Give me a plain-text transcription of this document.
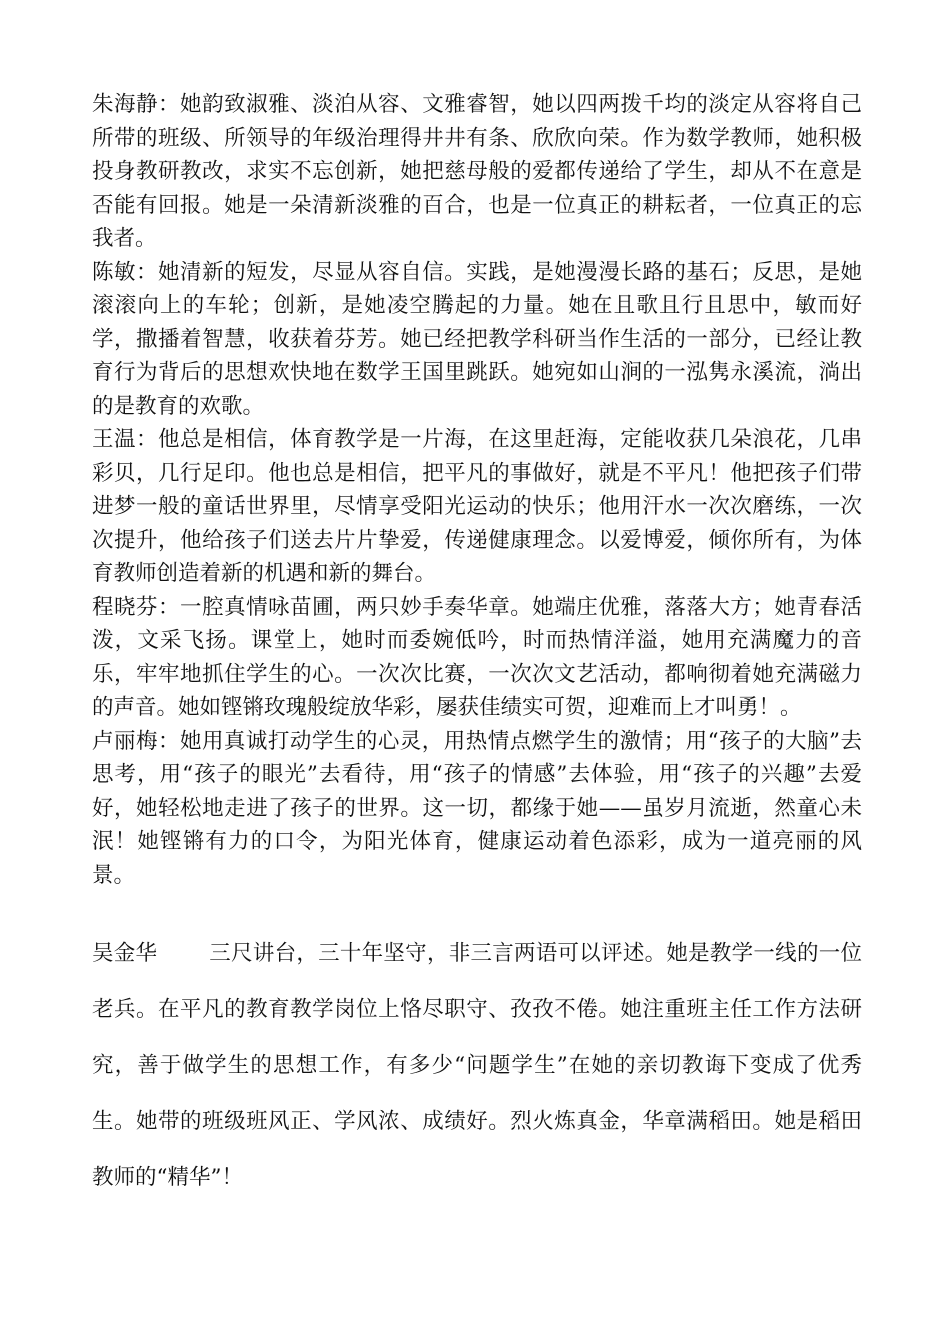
朱海静：她韵致淑雅、淡泊从容、文雅睿智，她以四两拨千均的淡定从容将自己所带的班级、所领导的年级治理得井井有条、欣欣向荣。作为数学教师，她积极投身教研教改，求实不忘创新，她把慈母般的爱都传递给了学生，却从不在意是否能有回报。她是一朵清新淡雅的百合，也是一位真正的耕耘者，一位真正的忘我者。

陈敏：她清新的短发，尽显从容自信。实践，是她漫漫长路的基石；反思，是她滚滚向上的车轮；创新，是她凌空腾起的力量。她在且歌且行且思中，敏而好学，撒播着智慧，收获着芬芳。她已经把教学科研当作生活的一部分，已经让教育行为背后的思想欢快地在数学王国里跳跃。她宛如山涧的一泓隽永溪流，淌出的是教育的欢歌。

王温：他总是相信，体育教学是一片海，在这里赶海，定能收获几朵浪花，几串彩贝，几行足印。他也总是相信，把平凡的事做好，就是不平凡！他把孩子们带进梦一般的童话世界里，尽情享受阳光运动的快乐；他用汗水一次次磨练，一次次提升，他给孩子们送去片片挚爱，传递健康理念。以爱博爱，倾你所有，为体育教师创造着新的机遇和新的舞台。

程晓芬：一腔真情咏苗圃，两只妙手奏华章。她端庄优雅，落落大方；她青春活泼，文采飞扬。课堂上，她时而委婉低吟，时而热情洋溢，她用充满魔力的音乐，牢牢地抓住学生的心。一次次比赛，一次次文艺活动，都响彻着她充满磁力的声音。她如铿锵玫瑰般绽放华彩，屡获佳绩实可贺，迎难而上才叫勇！。

卢丽梅：她用真诚打动学生的心灵，用热情点燃学生的激情；用“孩子的大脑”去思考，用“孩子的眼光”去看待，用“孩子的情感”去体验，用“孩子的兴趣”去爱好，她轻松地走进了孩子的世界。这一切，都缘于她——虽岁月流逝，然童心未泯！她铿锵有力的口令，为阳光体育，健康运动着色添彩，成为一道亮丽的风景。

吴金华 三尺讲台，三十年坚守，非三言两语可以评述。她是教学一线的一位老兵。在平凡的教育教学岗位上恪尽职守、孜孜不倦。她注重班主任工作方法研究，善于做学生的思想工作，有多少“问题学生”在她的亲切教诲下变成了优秀生。她带的班级班风正、学风浓、成绩好。烈火炼真金，华章满稻田。她是稻田教师的“精华”！
